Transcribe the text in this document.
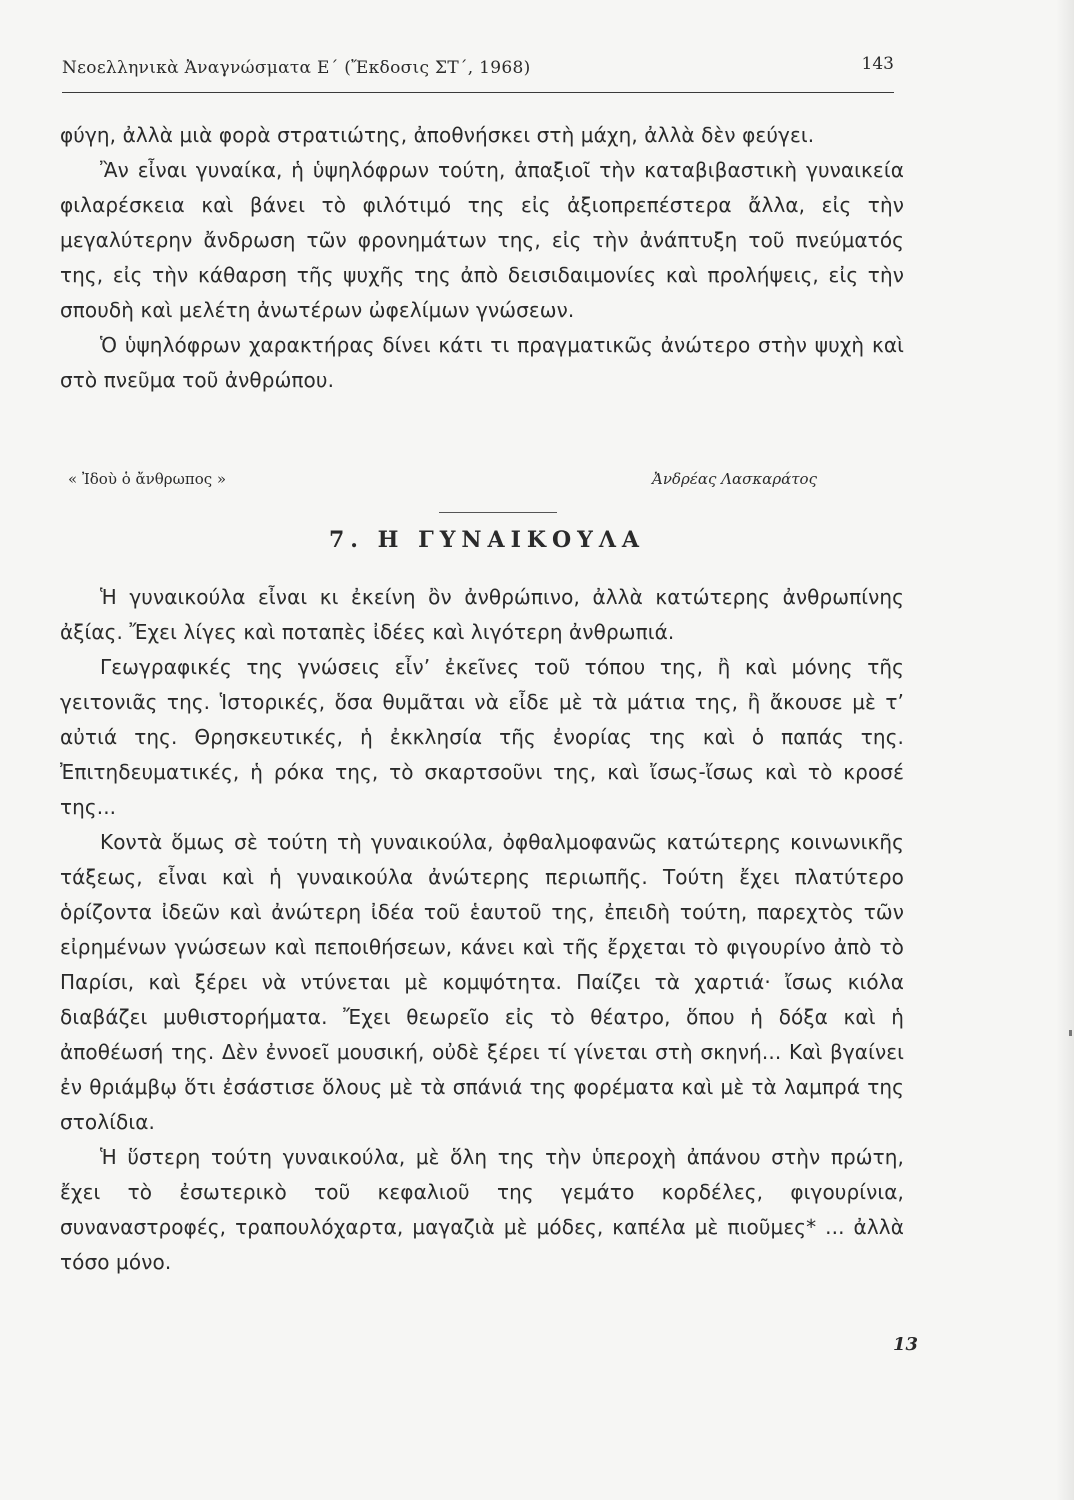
Νεοελληνικὰ Ἀναγνώσματα Ε΄ (Ἔκδοσις ΣΤ΄, 1968)	143

φύγη, ἀλλὰ μιὰ φορὰ στρατιώτης, ἀποθνήσκει στὴ μάχη, ἀλλὰ δὲν φεύγει.

Ἂν εἶναι γυναίκα, ἡ ὑψηλόφρων τούτη, ἀπαξιοῖ τὴν καταβιβαστικὴ γυναικεία φιλαρέσκεια καὶ βάνει τὸ φιλότιμό της εἰς ἀξιοπρεπέστερα ἄλλα, εἰς τὴν μεγαλύτερην ἄνδρωση τῶν φρονημάτων της, εἰς τὴν ἀνάπτυξη τοῦ πνεύματός της, εἰς τὴν κάθαρση τῆς ψυχῆς της ἀπὸ δεισιδαιμονίες καὶ προλήψεις, εἰς τὴν σπουδὴ καὶ μελέτη ἀνωτέρων ὠφελίμων γνώσεων.

Ὁ ὑψηλόφρων χαρακτήρας δίνει κάτι τι πραγματικῶς ἀνώτερο στὴν ψυχὴ καὶ στὸ πνεῦμα τοῦ ἀνθρώπου.

« Ἰδοὺ ὁ ἄνθρωπος »	Ἀνδρέας Λασκαράτος
7. Η ΓΥΝΑΙΚΟΥΛΑ

Ἡ γυναικούλα εἶναι κι ἐκείνη ὂν ἀνθρώπινο, ἀλλὰ κατώτερης ἀνθρωπίνης ἀξίας. Ἔχει λίγες καὶ ποταπὲς ἰδέες καὶ λιγότερη ἀνθρωπιά.

Γεωγραφικές της γνώσεις εἶν’ ἐκεῖνες τοῦ τόπου της, ἢ καὶ μόνης τῆς γειτονιᾶς της. Ἱστορικές, ὅσα θυμᾶται νὰ εἶδε μὲ τὰ μάτια της, ἢ ἄκουσε μὲ τ’ αὐτιά της. Θρησκευτικές, ἡ ἐκκλησία τῆς ἐνορίας της καὶ ὁ παπάς της. Ἐπιτηδευματικές, ἡ ρόκα της, τὸ σκαρτσοῦνι της, καὶ ἴσως-ἴσως καὶ τὸ κροσέ της...

Κοντὰ ὅμως σὲ τούτη τὴ γυναικούλα, ὀφθαλμοφανῶς κατώτερης κοινωνικῆς τάξεως, εἶναι καὶ ἡ γυναικούλα ἀνώτερης περιωπῆς. Τούτη ἔχει πλατύτερο ὁρίζοντα ἰδεῶν καὶ ἀνώτερη ἰδέα τοῦ ἑαυτοῦ της, ἐπειδὴ τούτη, παρεχτὸς τῶν εἰρημένων γνώσεων καὶ πεποιθήσεων, κάνει καὶ τῆς ἔρχεται τὸ φιγουρίνο ἀπὸ τὸ Παρίσι, καὶ ξέρει νὰ ντύνεται μὲ κομψότητα. Παίζει τὰ χαρτιά· ἴσως κιόλα διαβάζει μυθιστορήματα. Ἔχει θεωρεῖο εἰς τὸ θέατρο, ὅπου ἡ δόξα καὶ ἡ ἀποθέωσή της. Δὲν ἐννοεῖ μουσική, οὐδὲ ξέρει τί γίνεται στὴ σκηνή... Καὶ βγαίνει ἐν θριάμβῳ ὅτι ἐσάστισε ὅλους μὲ τὰ σπάνιά της φορέματα καὶ μὲ τὰ λαμπρά της στολίδια.

Ἡ ὕστερη τούτη γυναικούλα, μὲ ὅλη της τὴν ὑπεροχὴ ἀπάνου στὴν πρώτη, ἔχει τὸ ἐσωτερικὸ τοῦ κεφαλιοῦ της γεμάτο κορδέλες, φιγουρίνια, συναναστροφές, τραπουλόχαρτα, μαγαζιὰ μὲ μόδες, καπέλα μὲ πιοῦμες* ... ἀλλὰ τόσο μόνο.

13
